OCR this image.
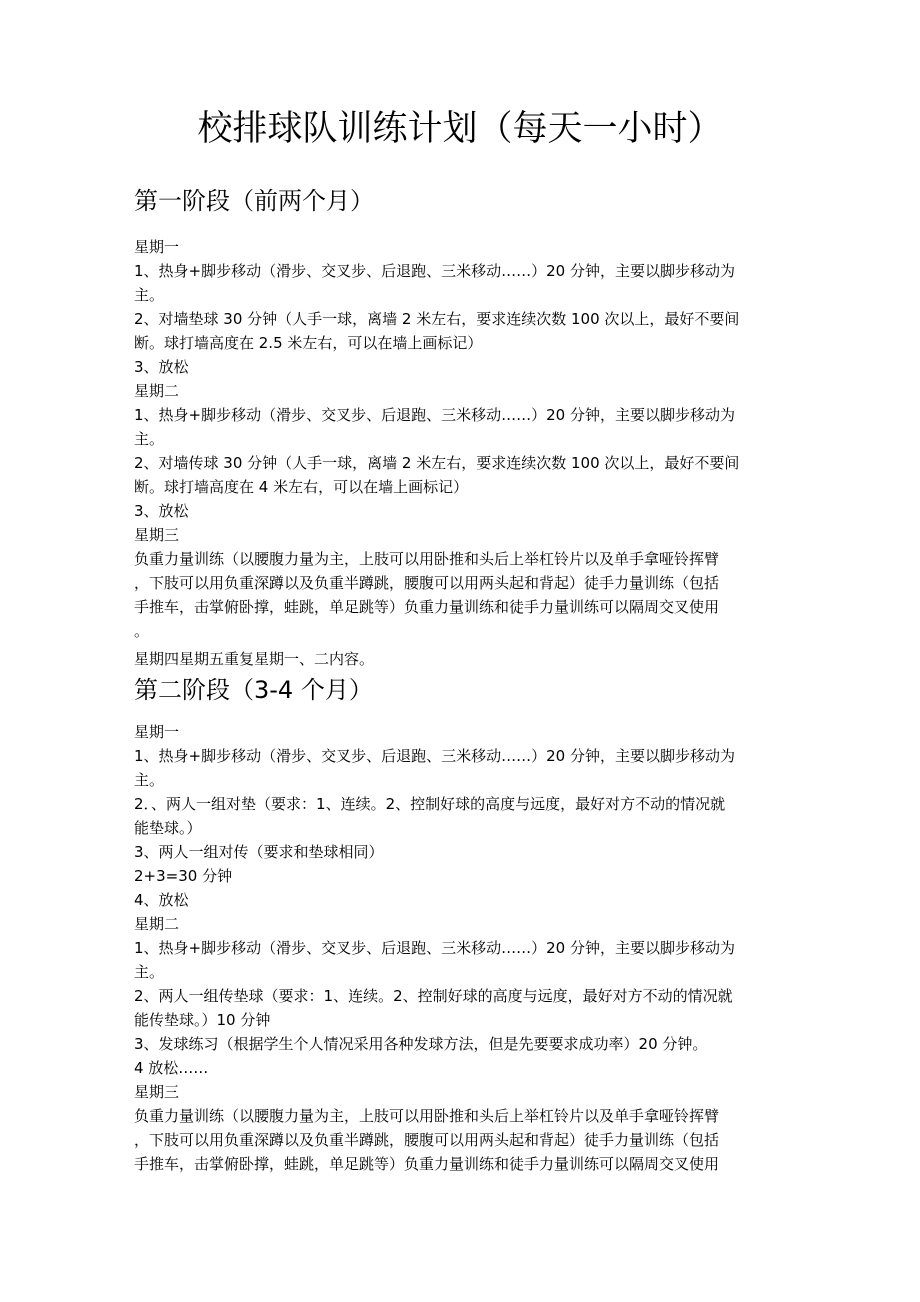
校排球队训练计划（每天一小时）
第一阶段（前两个月）

星期一

1、热身+脚步移动（滑步、交叉步、后退跑、三米移动……）20 分钟，主要以脚步移动为

主。

2、对墙垫球 30 分钟（人手一球，离墙 2 米左右，要求连续次数 100 次以上，最好不要间

断。球打墙高度在 2.5 米左右，可以在墙上画标记）

3、放松

星期二

1、热身+脚步移动（滑步、交叉步、后退跑、三米移动……）20 分钟，主要以脚步移动为

主。

2、对墙传球 30 分钟（人手一球，离墙 2 米左右，要求连续次数 100 次以上，最好不要间

断。球打墙高度在 4 米左右，可以在墙上画标记）

3、放松

星期三

负重力量训练（以腰腹力量为主，上肢可以用卧推和头后上举杠铃片以及单手拿哑铃挥臂

，下肢可以用负重深蹲以及负重半蹲跳，腰腹可以用两头起和背起）徒手力量训练（包括

手推车，击掌俯卧撑，蛙跳，单足跳等）负重力量训练和徒手力量训练可以隔周交叉使用

。

星期四星期五重复星期一、二内容。

第二阶段（3-4 个月）

星期一

1、热身+脚步移动（滑步、交叉步、后退跑、三米移动……）20 分钟，主要以脚步移动为

主。

2．、两人一组对垫（要求：1、连续。2、控制好球的高度与远度，最好对方不动的情况就

能垫球。）

3、两人一组对传（要求和垫球相同）

2+3=30 分钟

4、放松

星期二

1、热身+脚步移动（滑步、交叉步、后退跑、三米移动……）20 分钟，主要以脚步移动为

主。

2、两人一组传垫球（要求：1、连续。2、控制好球的高度与远度，最好对方不动的情况就

能传垫球。）10 分钟

3、发球练习（根据学生个人情况采用各种发球方法，但是先要要求成功率）20 分钟。

4 放松……

星期三

负重力量训练（以腰腹力量为主，上肢可以用卧推和头后上举杠铃片以及单手拿哑铃挥臂

，下肢可以用负重深蹲以及负重半蹲跳，腰腹可以用两头起和背起）徒手力量训练（包括

手推车，击掌俯卧撑，蛙跳，单足跳等）负重力量训练和徒手力量训练可以隔周交叉使用
